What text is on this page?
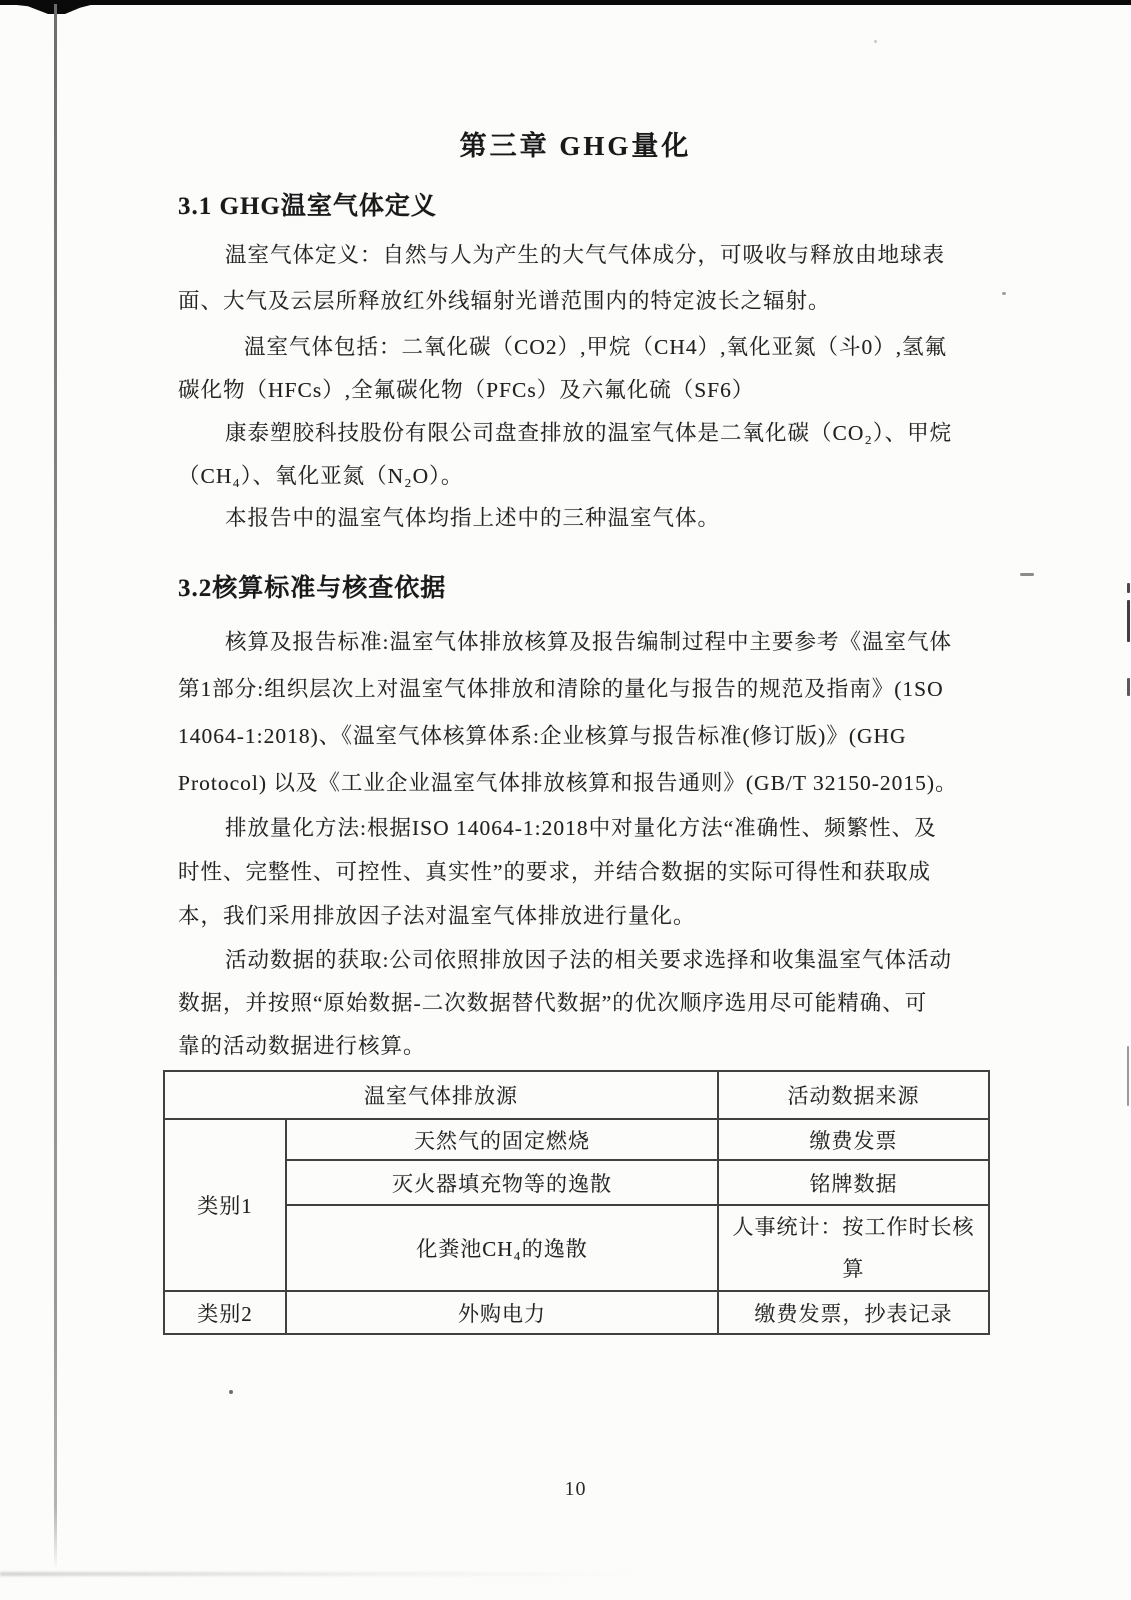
第三章 GHG量化
3.1 GHG温室气体定义
温室气体定义：自然与人为产生的大气气体成分，可吸收与释放由地球表
面、大气及云层所释放红外线辐射光谱范围内的特定波长之辐射。
温室气体包括：二氧化碳（CO2）,甲烷（CH4）,氧化亚氮（斗0）,氢氟
碳化物（HFCs）,全氟碳化物（PFCs）及六氟化硫（SF6）
康泰塑胶科技股份有限公司盘查排放的温室气体是二氧化碳（CO₂）、甲烷
（CH₄）、氧化亚氮（N₂O）。
本报告中的温室气体均指上述中的三种温室气体。
3.2核算标准与核查依据
核算及报告标准:温室气体排放核算及报告编制过程中主要参考《温室气体
第1部分:组织层次上对温室气体排放和清除的量化与报告的规范及指南》(1SO
14064-1:2018)、《温室气体核算体系:企业核算与报告标准(修订版)》(GHG
Protocol) 以及《工业企业温室气体排放核算和报告通则》(GB/T 32150-2015)。
排放量化方法:根据ISO 14064-1:2018中对量化方法“准确性、频繁性、及
时性、完整性、可控性、真实性”的要求，并结合数据的实际可得性和获取成
本，我们采用排放因子法对温室气体排放进行量化。
活动数据的获取:公司依照排放因子法的相关要求选择和收集温室气体活动
数据，并按照“原始数据-二次数据替代数据”的优次顺序选用尽可能精确、可
靠的活动数据进行核算。
温室气体排放源		活动数据来源
类别1	天然气的固定燃烧	缴费发票
	灭火器填充物等的逸散	铭牌数据
	化粪池CH₄的逸散	人事统计：按工作时长核算
类别2	外购电力	缴费发票，抄表记录
10
